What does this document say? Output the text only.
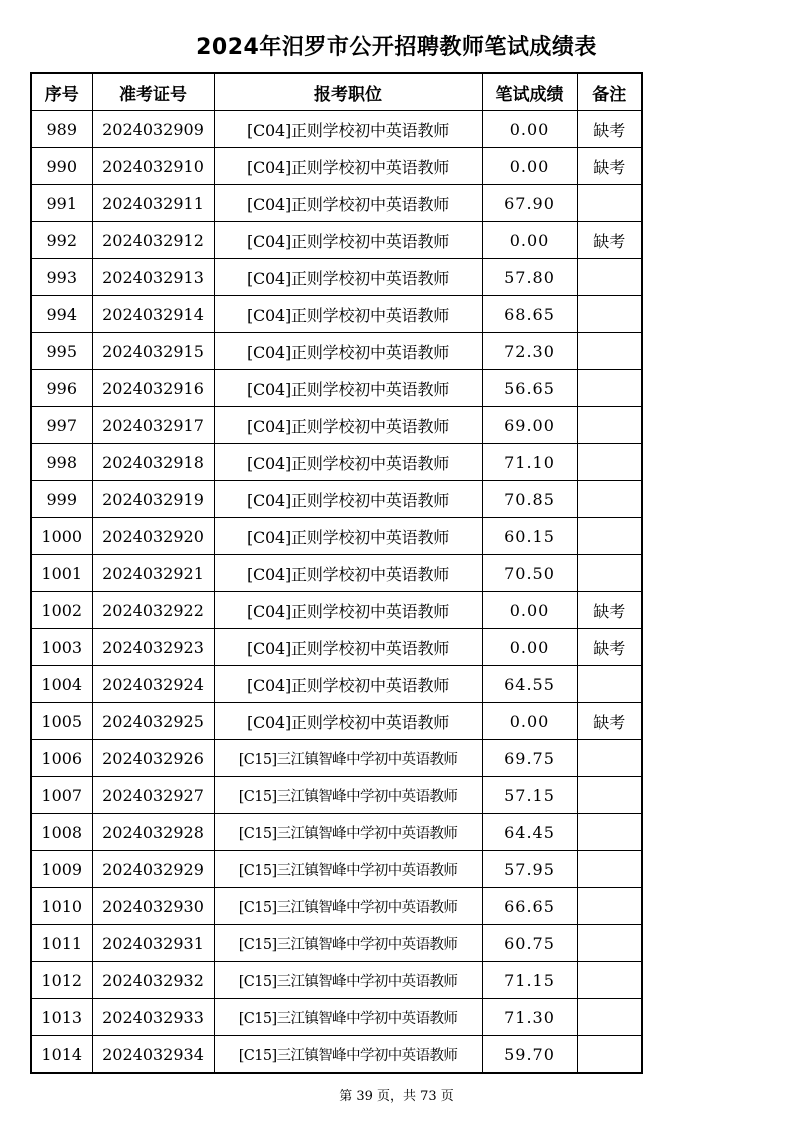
2024年汨罗市公开招聘教师笔试成绩表
序号	准考证号	报考职位	笔试成绩	备注
989	2024032909	[C04]正则学校初中英语教师	0.00	缺考
990	2024032910	[C04]正则学校初中英语教师	0.00	缺考
991	2024032911	[C04]正则学校初中英语教师	67.90	
992	2024032912	[C04]正则学校初中英语教师	0.00	缺考
993	2024032913	[C04]正则学校初中英语教师	57.80	
994	2024032914	[C04]正则学校初中英语教师	68.65	
995	2024032915	[C04]正则学校初中英语教师	72.30	
996	2024032916	[C04]正则学校初中英语教师	56.65	
997	2024032917	[C04]正则学校初中英语教师	69.00	
998	2024032918	[C04]正则学校初中英语教师	71.10	
999	2024032919	[C04]正则学校初中英语教师	70.85	
1000	2024032920	[C04]正则学校初中英语教师	60.15	
1001	2024032921	[C04]正则学校初中英语教师	70.50	
1002	2024032922	[C04]正则学校初中英语教师	0.00	缺考
1003	2024032923	[C04]正则学校初中英语教师	0.00	缺考
1004	2024032924	[C04]正则学校初中英语教师	64.55	
1005	2024032925	[C04]正则学校初中英语教师	0.00	缺考
1006	2024032926	[C15]三江镇智峰中学初中英语教师	69.75	
1007	2024032927	[C15]三江镇智峰中学初中英语教师	57.15	
1008	2024032928	[C15]三江镇智峰中学初中英语教师	64.45	
1009	2024032929	[C15]三江镇智峰中学初中英语教师	57.95	
1010	2024032930	[C15]三江镇智峰中学初中英语教师	66.65	
1011	2024032931	[C15]三江镇智峰中学初中英语教师	60.75	
1012	2024032932	[C15]三江镇智峰中学初中英语教师	71.15	
1013	2024032933	[C15]三江镇智峰中学初中英语教师	71.30	
1014	2024032934	[C15]三江镇智峰中学初中英语教师	59.70	
第 39 页，共 73 页
